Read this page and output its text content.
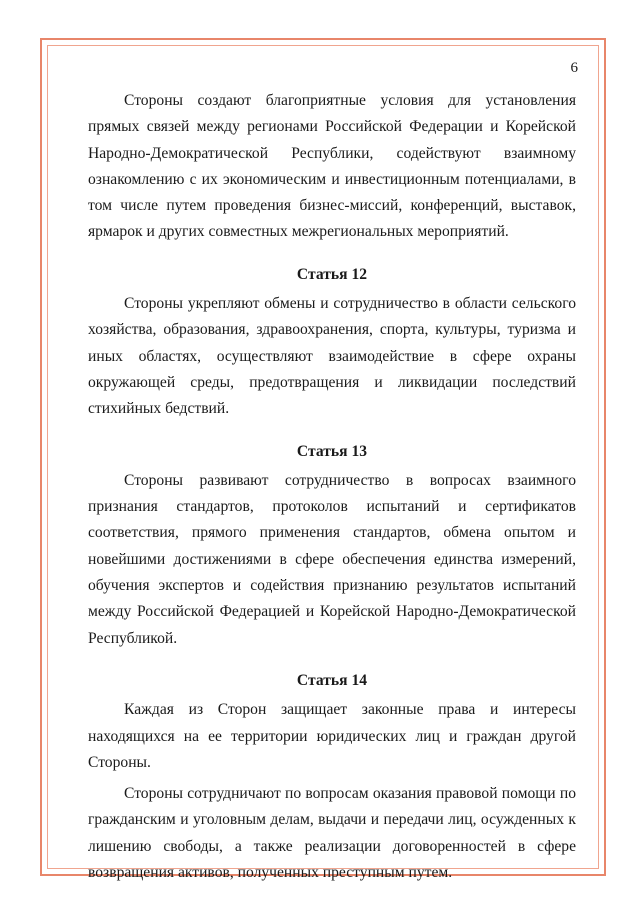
6

Стороны создают благоприятные условия для установления прямых связей между регионами Российской Федерации и Корейской Народно-Демократической Республики, содействуют взаимному ознакомлению с их экономическим и инвестиционным потенциалами, в том числе путем проведения бизнес-миссий, конференций, выставок, ярмарок и других совместных межрегиональных мероприятий.

Статья 12

Стороны укрепляют обмены и сотрудничество в области сельского хозяйства, образования, здравоохранения, спорта, культуры, туризма и иных областях, осуществляют взаимодействие в сфере охраны окружающей среды, предотвращения и ликвидации последствий стихийных бедствий.

Статья 13

Стороны развивают сотрудничество в вопросах взаимного признания стандартов, протоколов испытаний и сертификатов соответствия, прямого применения стандартов, обмена опытом и новейшими достижениями в сфере обеспечения единства измерений, обучения экспертов и содействия признанию результатов испытаний между Российской Федерацией и Корейской Народно-Демократической Республикой.

Статья 14

Каждая из Сторон защищает законные права и интересы находящихся на ее территории юридических лиц и граждан другой Стороны.

Стороны сотрудничают по вопросам оказания правовой помощи по гражданским и уголовным делам, выдачи и передачи лиц, осужденных к лишению свободы, а также реализации договоренностей в сфере возвращения активов, полученных преступным путем.
